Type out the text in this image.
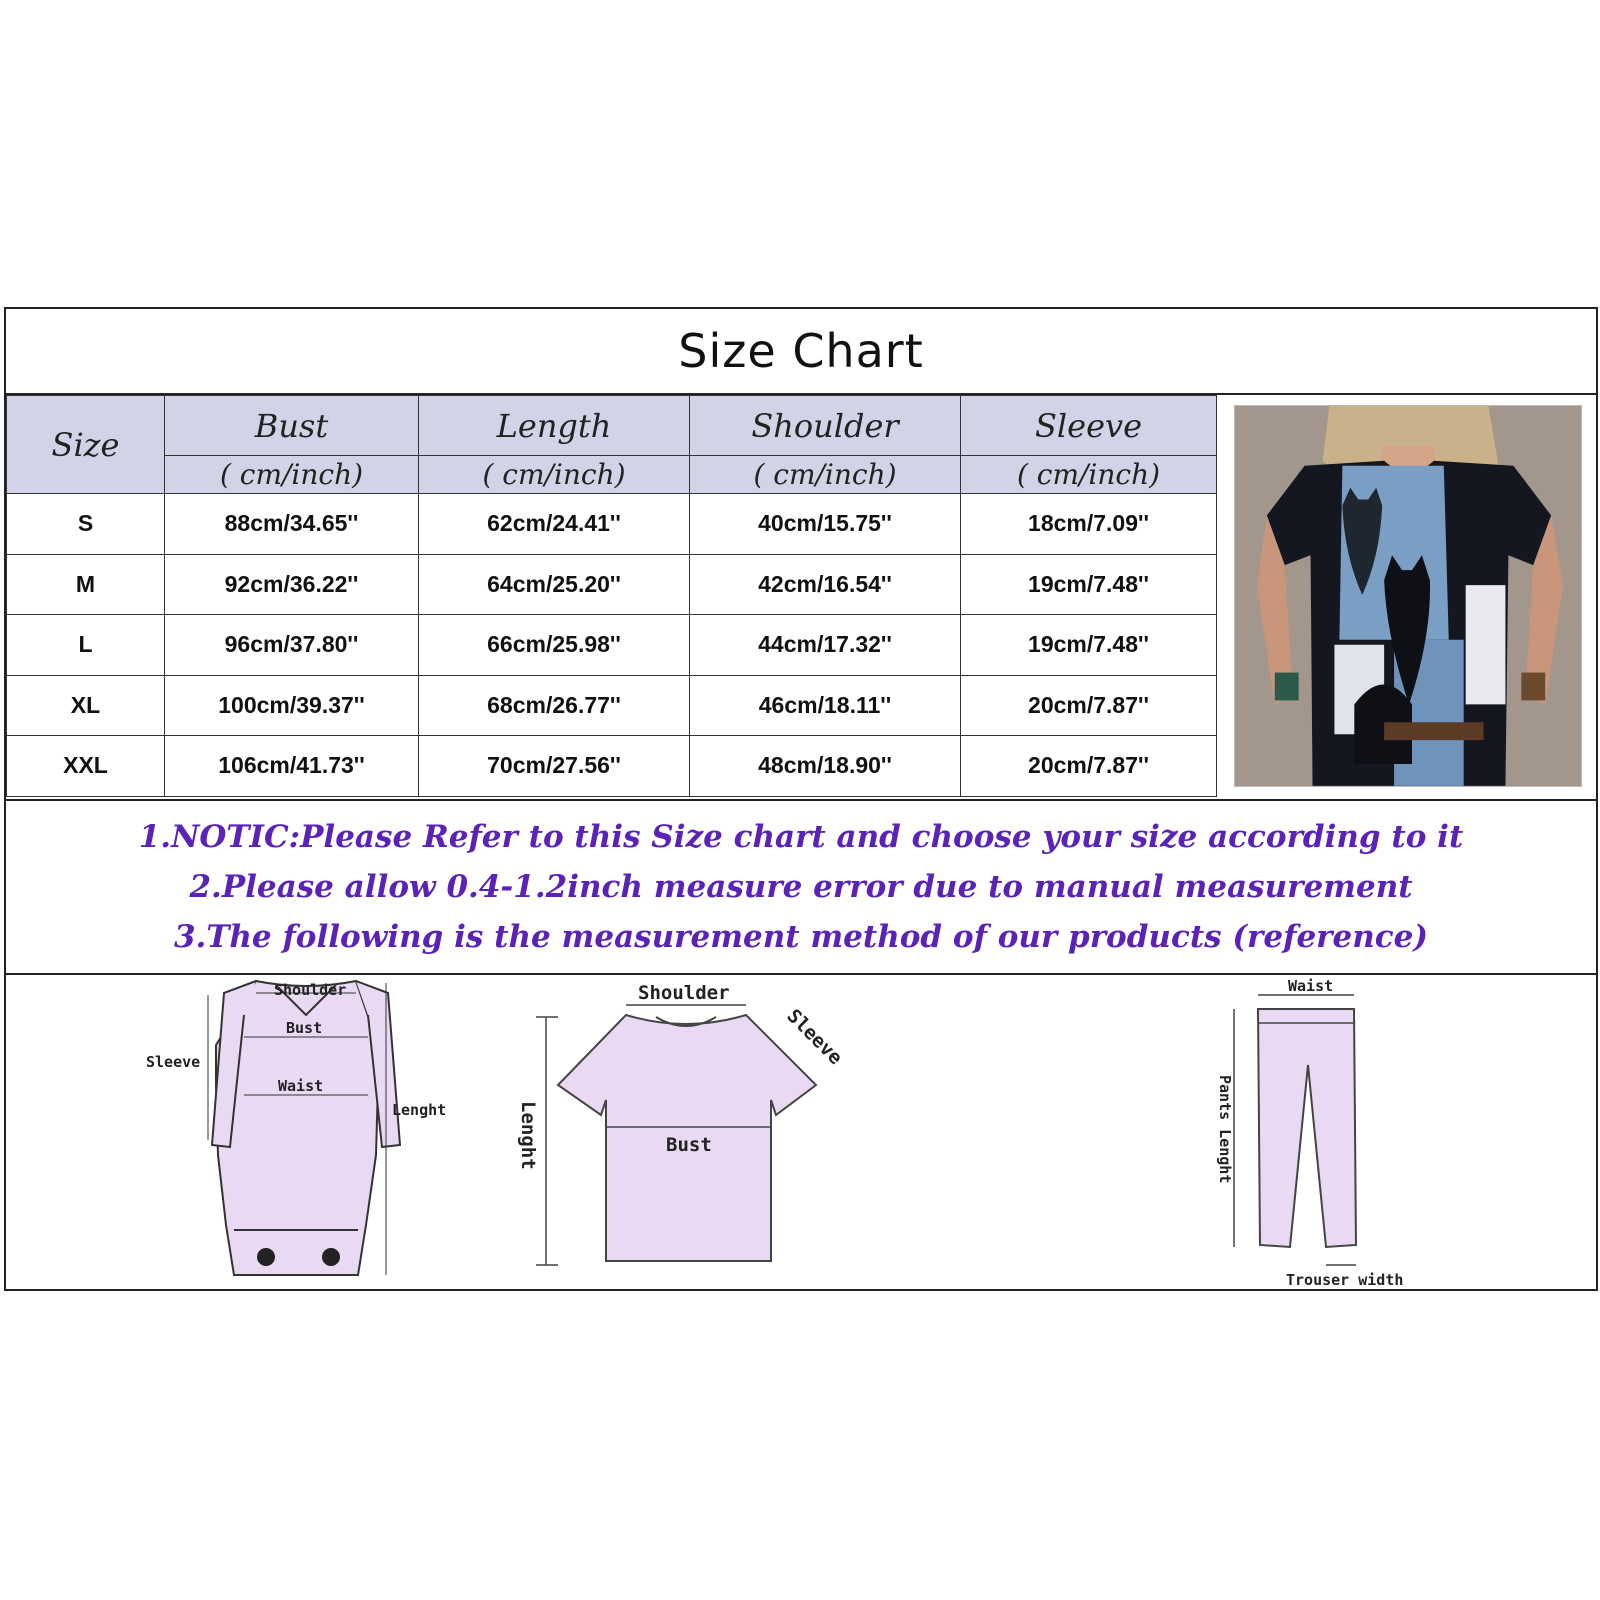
Size Chart
Size	Bust	Length	Shoulder	Sleeve
	( cm/inch)	( cm/inch)	( cm/inch)	( cm/inch)
S	88cm/34.65''	62cm/24.41''	40cm/15.75''	18cm/7.09''
M	92cm/36.22''	64cm/25.20''	42cm/16.54''	19cm/7.48''
L	96cm/37.80''	66cm/25.98''	44cm/17.32''	19cm/7.48''
XL	100cm/39.37''	68cm/26.77''	46cm/18.11''	20cm/7.87''
XXL	106cm/41.73''	70cm/27.56''	48cm/18.90''	20cm/7.87''
1.NOTIC:Please Refer to this Size chart and choose your size according to it
2.Please allow 0.4-1.2inch measure error due to manual measurement
3.The following is the measurement method of our products (reference)
Shoulder
Bust
Sleeve
Waist
Lenght
Shoulder
Sleeve
Bust
Lenght
Waist
Pants Lenght
Trouser width
